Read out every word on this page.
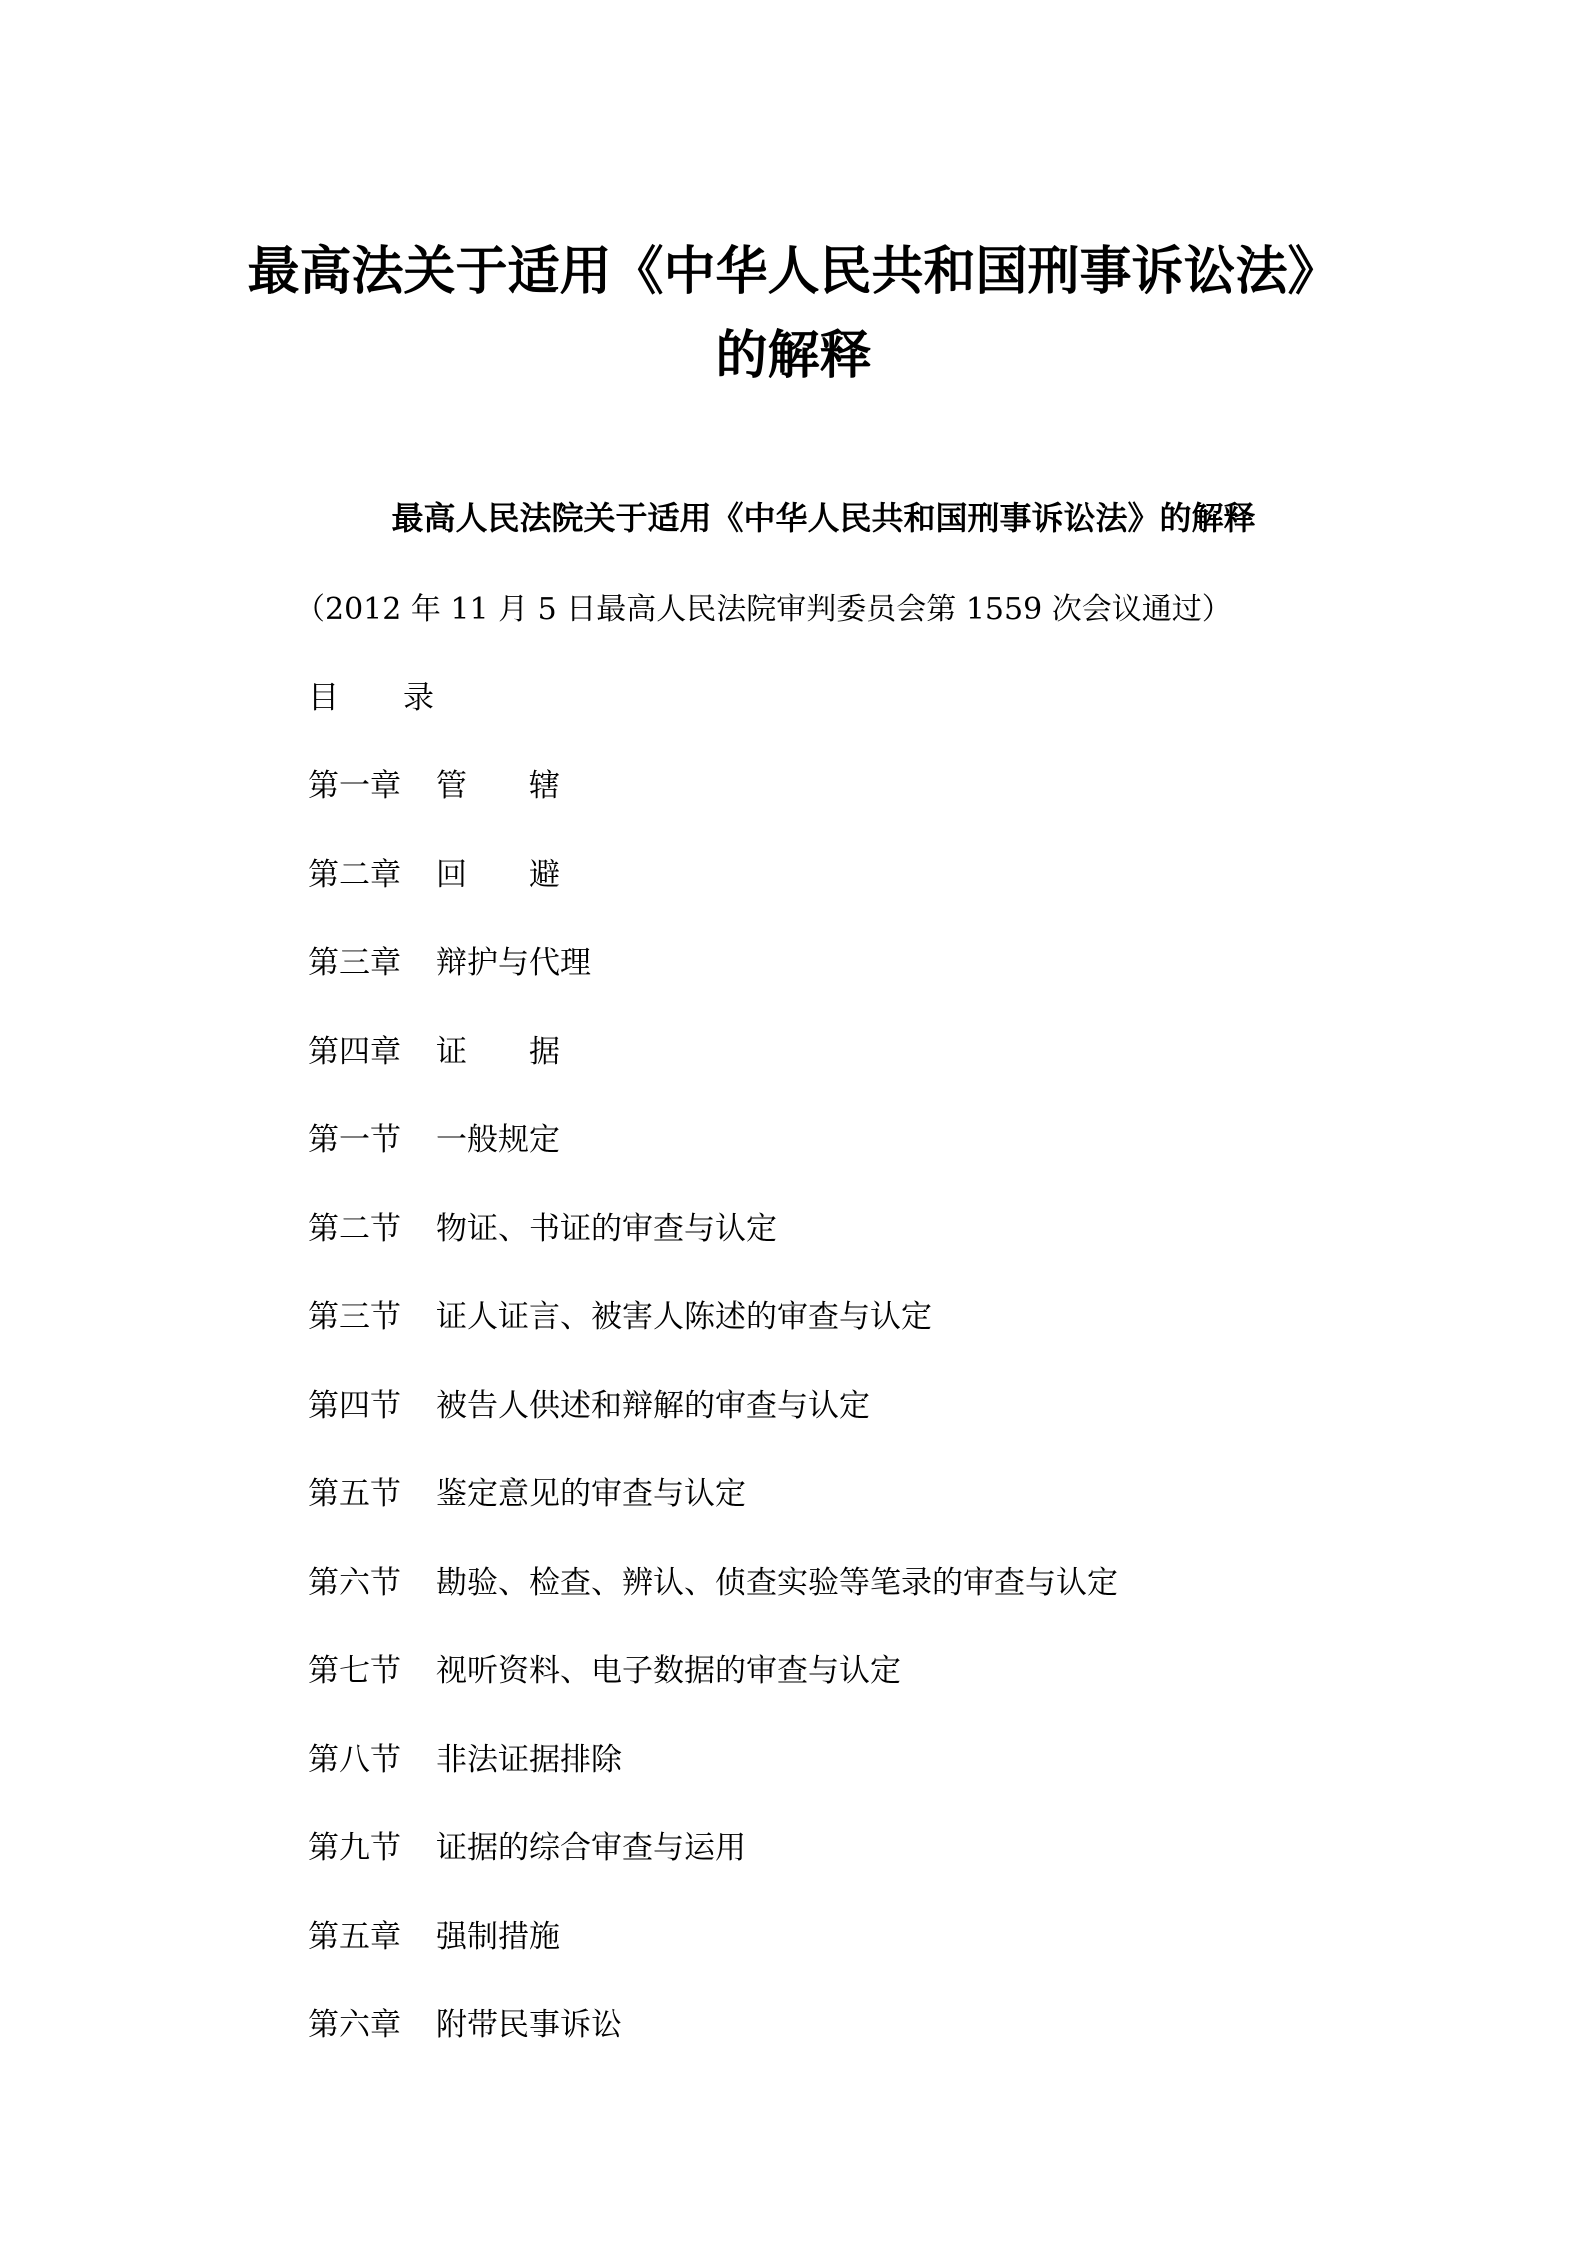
最高法关于适用《中华人民共和国刑事诉讼法》
的解释
最高人民法院关于适用《中华人民共和国刑事诉讼法》的解释

（2012 年 11 月 5 日最高人民法院审判委员会第 1559 次会议通过）

目 录
第一章 管　　辖
第二章 回　　避
第三章 辩护与代理
第四章 证　　据
第一节 一般规定
第二节 物证、书证的审查与认定
第三节 证人证言、被害人陈述的审查与认定
第四节 被告人供述和辩解的审查与认定
第五节 鉴定意见的审查与认定
第六节 勘验、检查、辨认、侦查实验等笔录的审查与认定
第七节 视听资料、电子数据的审查与认定
第八节 非法证据排除
第九节 证据的综合审查与运用
第五章 强制措施
第六章 附带民事诉讼
